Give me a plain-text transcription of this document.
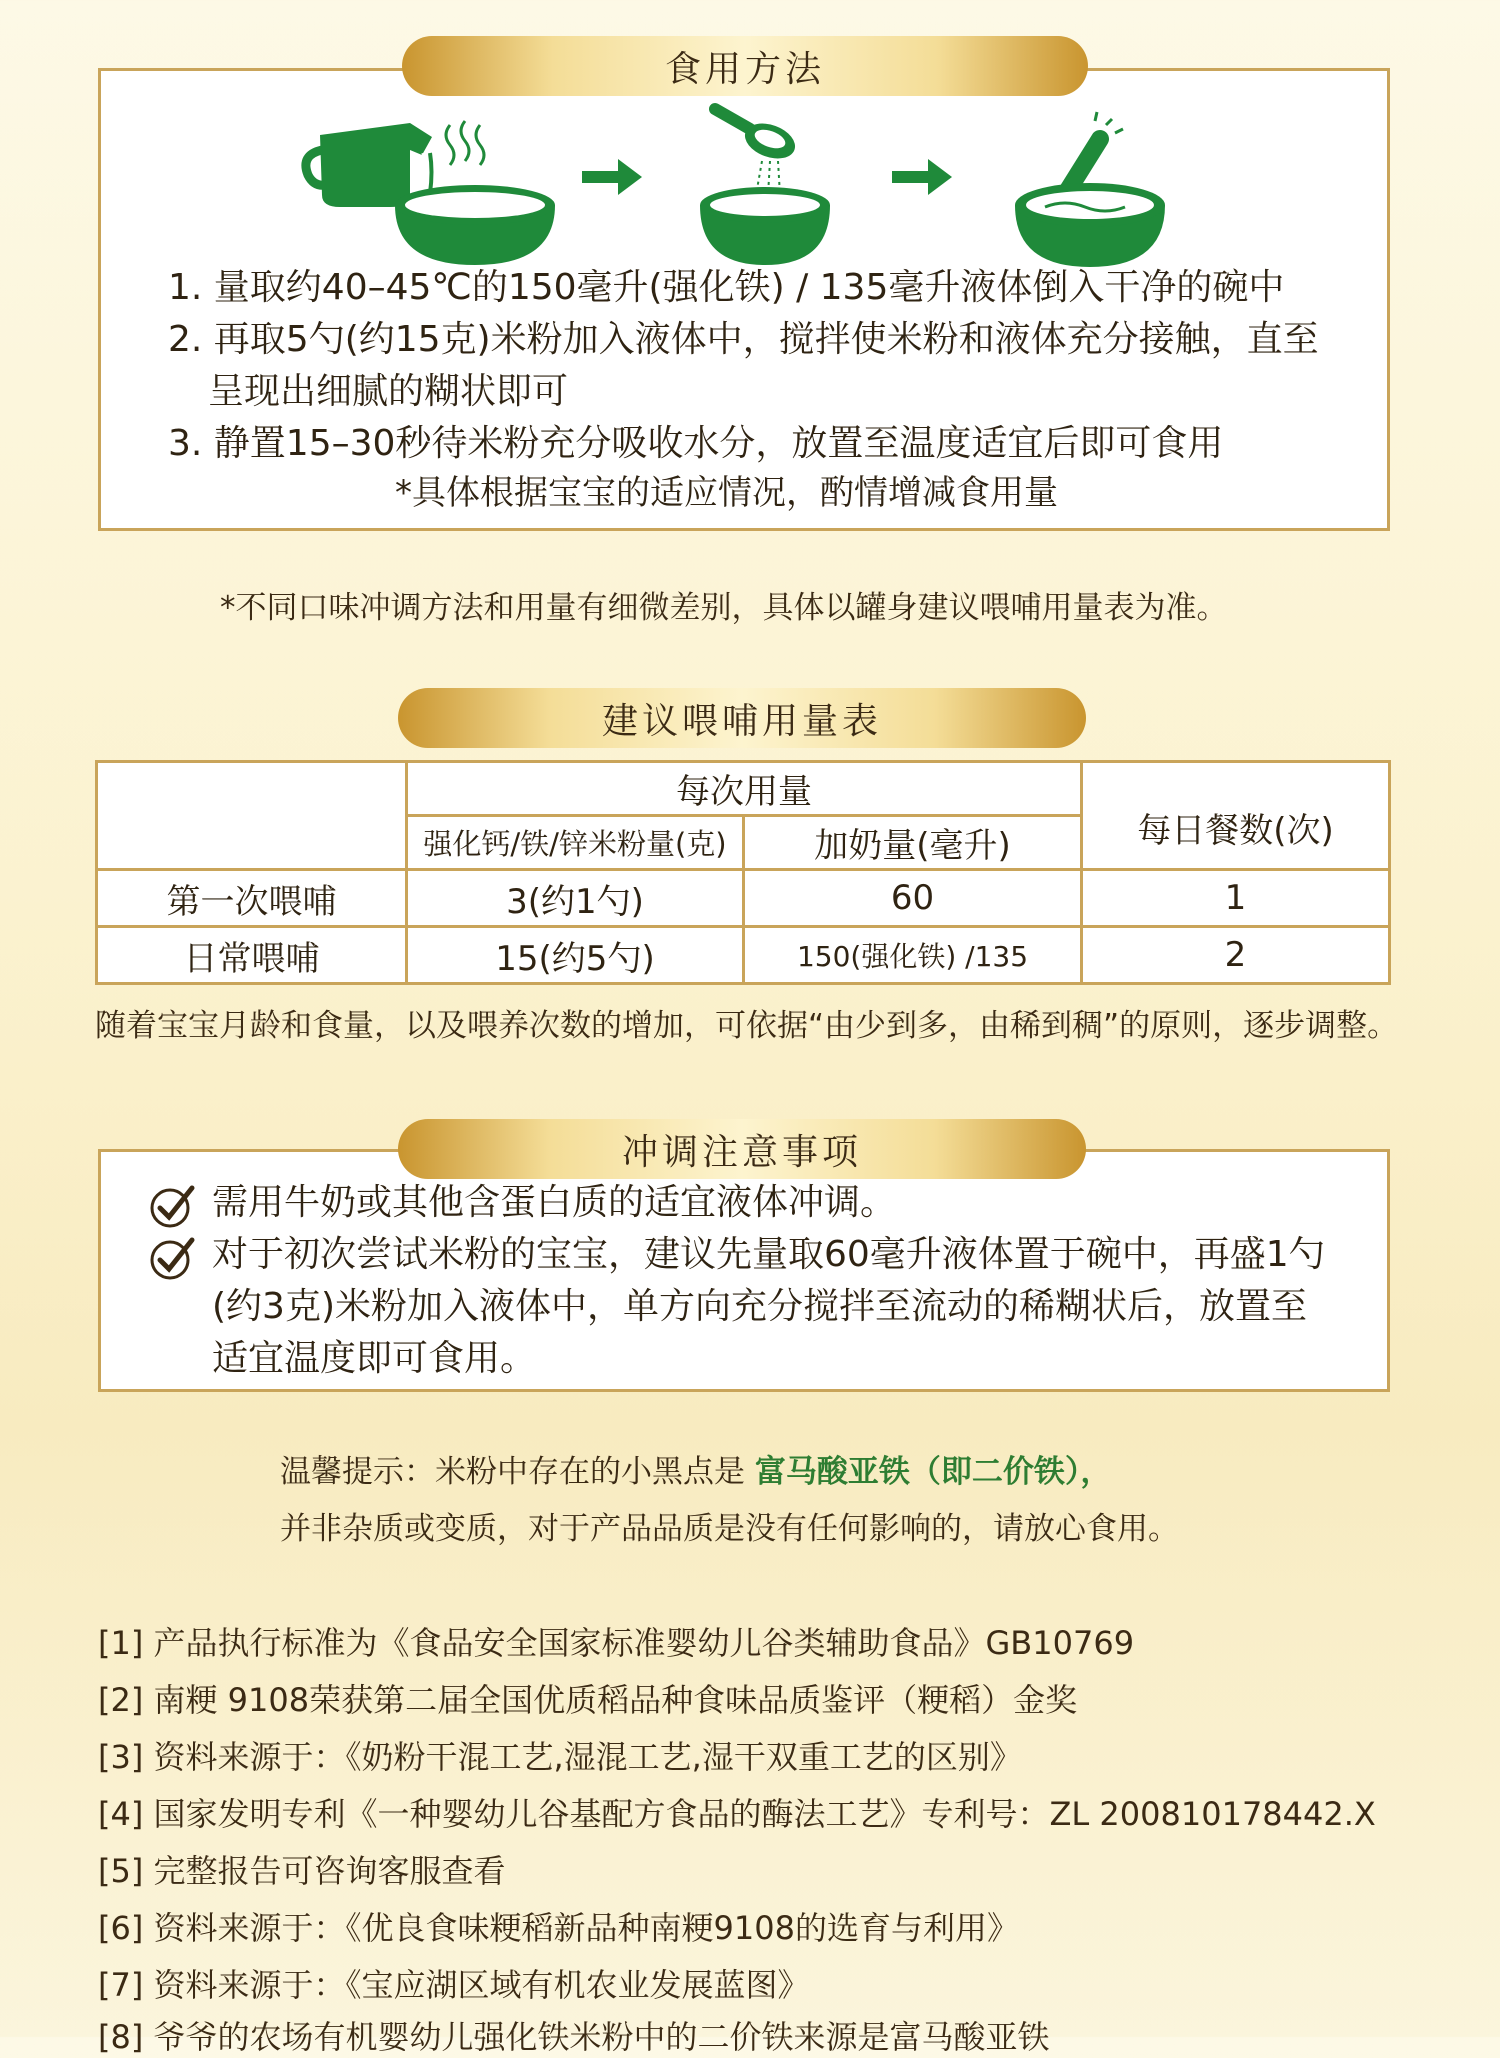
食用方法
1. 量取约40–45℃的150毫升(强化铁) / 135毫升液体倒入干净的碗中
2. 再取5勺(约15克)米粉加入液体中，搅拌使米粉和液体充分接触，直至
呈现出细腻的糊状即可
3. 静置15–30秒待米粉充分吸收水分，放置至温度适宜后即可食用
*具体根据宝宝的适应情况，酌情增减食用量
*不同口味冲调方法和用量有细微差别，具体以罐身建议喂哺用量表为准。
建议喂哺用量表
	每次用量		每日餐数(次)
	强化钙/铁/锌米粉量(克)	加奶量(毫升)	
第一次喂哺	3(约1勺)	60	1
日常喂哺	15(约5勺)	150(强化铁) /135	2
随着宝宝月龄和食量，以及喂养次数的增加，可依据“由少到多，由稀到稠”的原则，逐步调整。
冲调注意事项
需用牛奶或其他含蛋白质的适宜液体冲调。
对于初次尝试米粉的宝宝，建议先量取60毫升液体置于碗中，再盛1勺
(约3克)米粉加入液体中，单方向充分搅拌至流动的稀糊状后，放置至
适宜温度即可食用。
温馨提示：米粉中存在的小黑点是 富马酸亚铁（即二价铁），
并非杂质或变质，对于产品品质是没有任何影响的，请放心食用。
[1] 产品执行标准为《食品安全国家标准婴幼儿谷类辅助食品》GB10769
[2] 南粳 9108荣获第二届全国优质稻品种食味品质鉴评（粳稻）金奖
[3] 资料来源于：《奶粉干混工艺,湿混工艺,湿干双重工艺的区别》
[4] 国家发明专利《一种婴幼儿谷基配方食品的酶法工艺》专利号：ZL 200810178442.X
[5] 完整报告可咨询客服查看
[6] 资料来源于：《优良食味粳稻新品种南粳9108的选育与利用》
[7] 资料来源于：《宝应湖区域有机农业发展蓝图》
[8] 爷爷的农场有机婴幼儿强化铁米粉中的二价铁来源是富马酸亚铁
